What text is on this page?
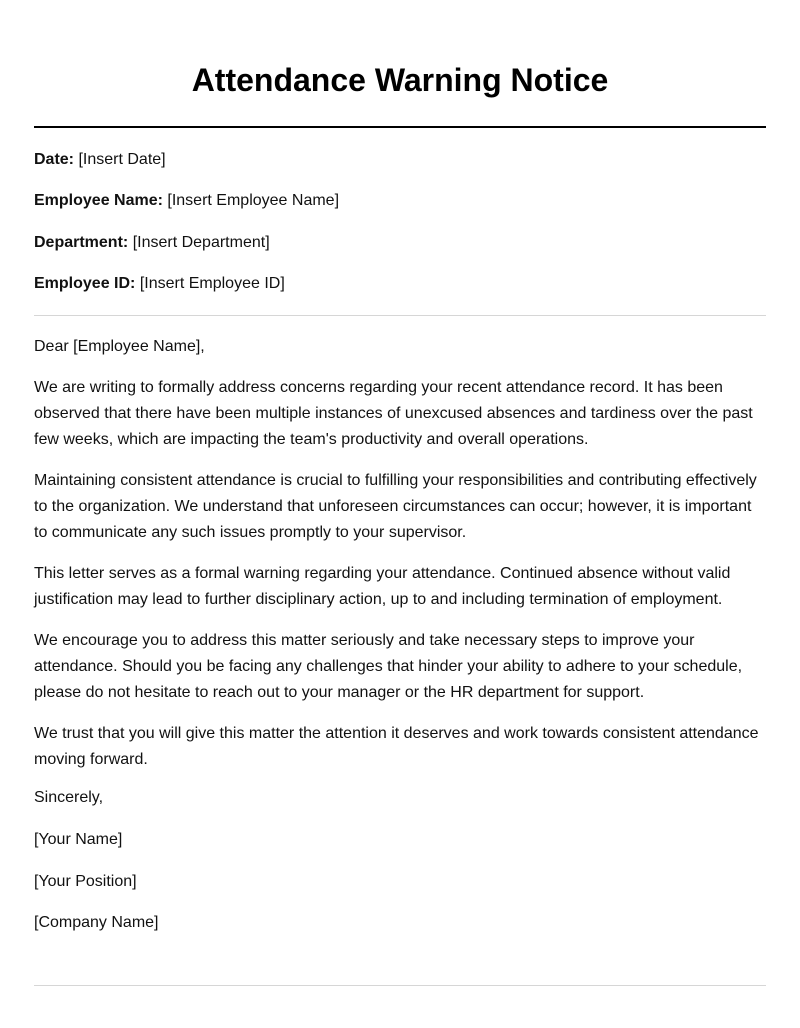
Attendance Warning Notice
Date: [Insert Date]
Employee Name: [Insert Employee Name]
Department: [Insert Department]
Employee ID: [Insert Employee ID]

Dear [Employee Name],

We are writing to formally address concerns regarding your recent attendance record. It has been observed that there have been multiple instances of unexcused absences and tardiness over the past few weeks, which are impacting the team's productivity and overall operations.

Maintaining consistent attendance is crucial to fulfilling your responsibilities and contributing effectively to the organization. We understand that unforeseen circumstances can occur; however, it is important to communicate any such issues promptly to your supervisor.

This letter serves as a formal warning regarding your attendance. Continued absence without valid justification may lead to further disciplinary action, up to and including termination of employment.

We encourage you to address this matter seriously and take necessary steps to improve your attendance. Should you be facing any challenges that hinder your ability to adhere to your schedule, please do not hesitate to reach out to your manager or the HR department for support.

We trust that you will give this matter the attention it deserves and work towards consistent attendance moving forward.

Sincerely,
[Your Name]
[Your Position]
[Company Name]
